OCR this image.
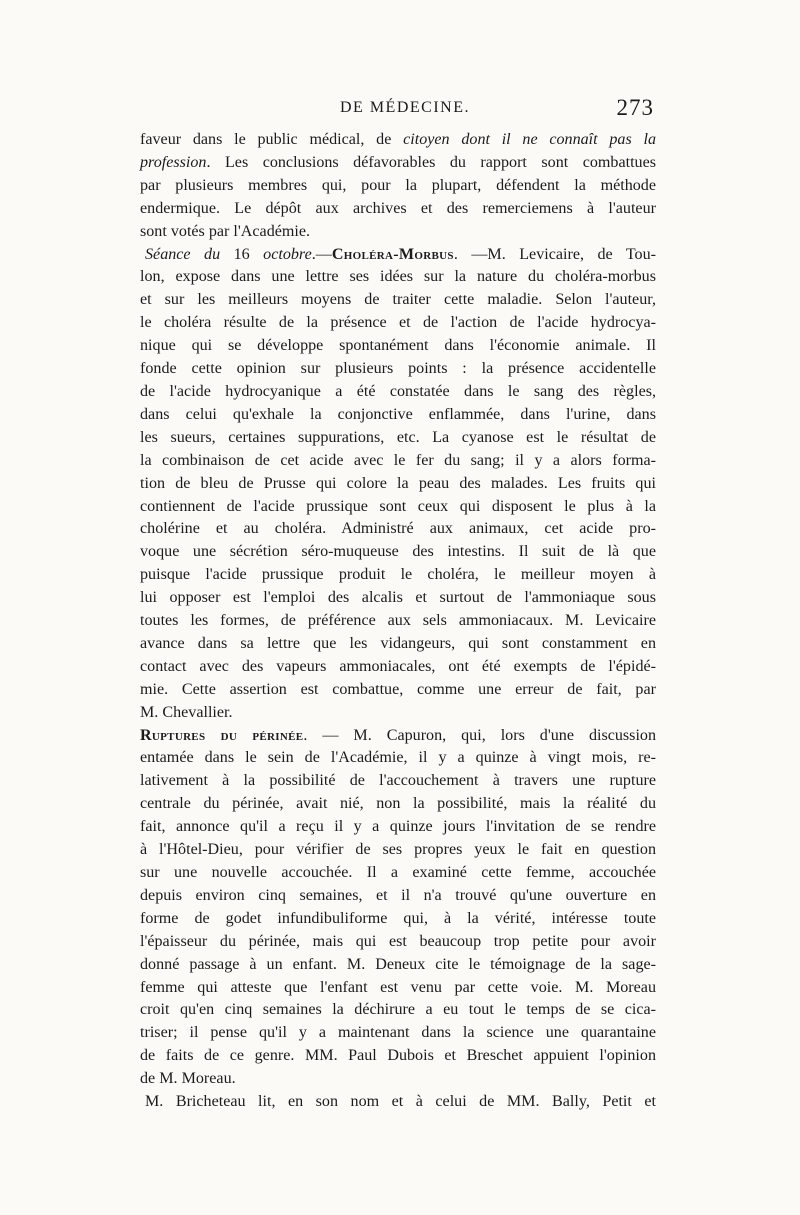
DE MÉDECINE.	273
faveur dans le public médical, de citoyen dont il ne connaît pas la
profession. Les conclusions défavorables du rapport sont combattues
par plusieurs membres qui, pour la plupart, défendent la méthode
endermique. Le dépôt aux archives et des remerciemens à l'auteur
sont votés par l'Académie.
Séance du 16 octobre.—Choléra-Morbus. —M. Levicaire, de Tou-
lon, expose dans une lettre ses idées sur la nature du choléra-morbus
et sur les meilleurs moyens de traiter cette maladie. Selon l'auteur,
le choléra résulte de la présence et de l'action de l'acide hydrocya-
nique qui se développe spontanément dans l'économie animale. Il
fonde cette opinion sur plusieurs points : la présence accidentelle
de l'acide hydrocyanique a été constatée dans le sang des règles,
dans celui qu'exhale la conjonctive enflammée, dans l'urine, dans
les sueurs, certaines suppurations, etc. La cyanose est le résultat de
la combinaison de cet acide avec le fer du sang; il y a alors forma-
tion de bleu de Prusse qui colore la peau des malades. Les fruits qui
contiennent de l'acide prussique sont ceux qui disposent le plus à la
cholérine et au choléra. Administré aux animaux, cet acide pro-
voque une sécrétion séro-muqueuse des intestins. Il suit de là que
puisque l'acide prussique produit le choléra, le meilleur moyen à
lui opposer est l'emploi des alcalis et surtout de l'ammoniaque sous
toutes les formes, de préférence aux sels ammoniacaux. M. Levicaire
avance dans sa lettre que les vidangeurs, qui sont constamment en
contact avec des vapeurs ammoniacales, ont été exempts de l'épidé-
mie. Cette assertion est combattue, comme une erreur de fait, par
M. Chevallier.
Ruptures du périnée. — M. Capuron, qui, lors d'une discussion
entamée dans le sein de l'Académie, il y a quinze à vingt mois, re-
lativement à la possibilité de l'accouchement à travers une rupture
centrale du périnée, avait nié, non la possibilité, mais la réalité du
fait, annonce qu'il a reçu il y a quinze jours l'invitation de se rendre
à l'Hôtel-Dieu, pour vérifier de ses propres yeux le fait en question
sur une nouvelle accouchée. Il a examiné cette femme, accouchée
depuis environ cinq semaines, et il n'a trouvé qu'une ouverture en
forme de godet infundibuliforme qui, à la vérité, intéresse toute
l'épaisseur du périnée, mais qui est beaucoup trop petite pour avoir
donné passage à un enfant. M. Deneux cite le témoignage de la sage-
femme qui atteste que l'enfant est venu par cette voie. M. Moreau
croit qu'en cinq semaines la déchirure a eu tout le temps de se cica-
triser; il pense qu'il y a maintenant dans la science une quarantaine
de faits de ce genre. MM. Paul Dubois et Breschet appuient l'opinion
de M. Moreau.
M. Bricheteau lit, en son nom et à celui de MM. Bally, Petit et
